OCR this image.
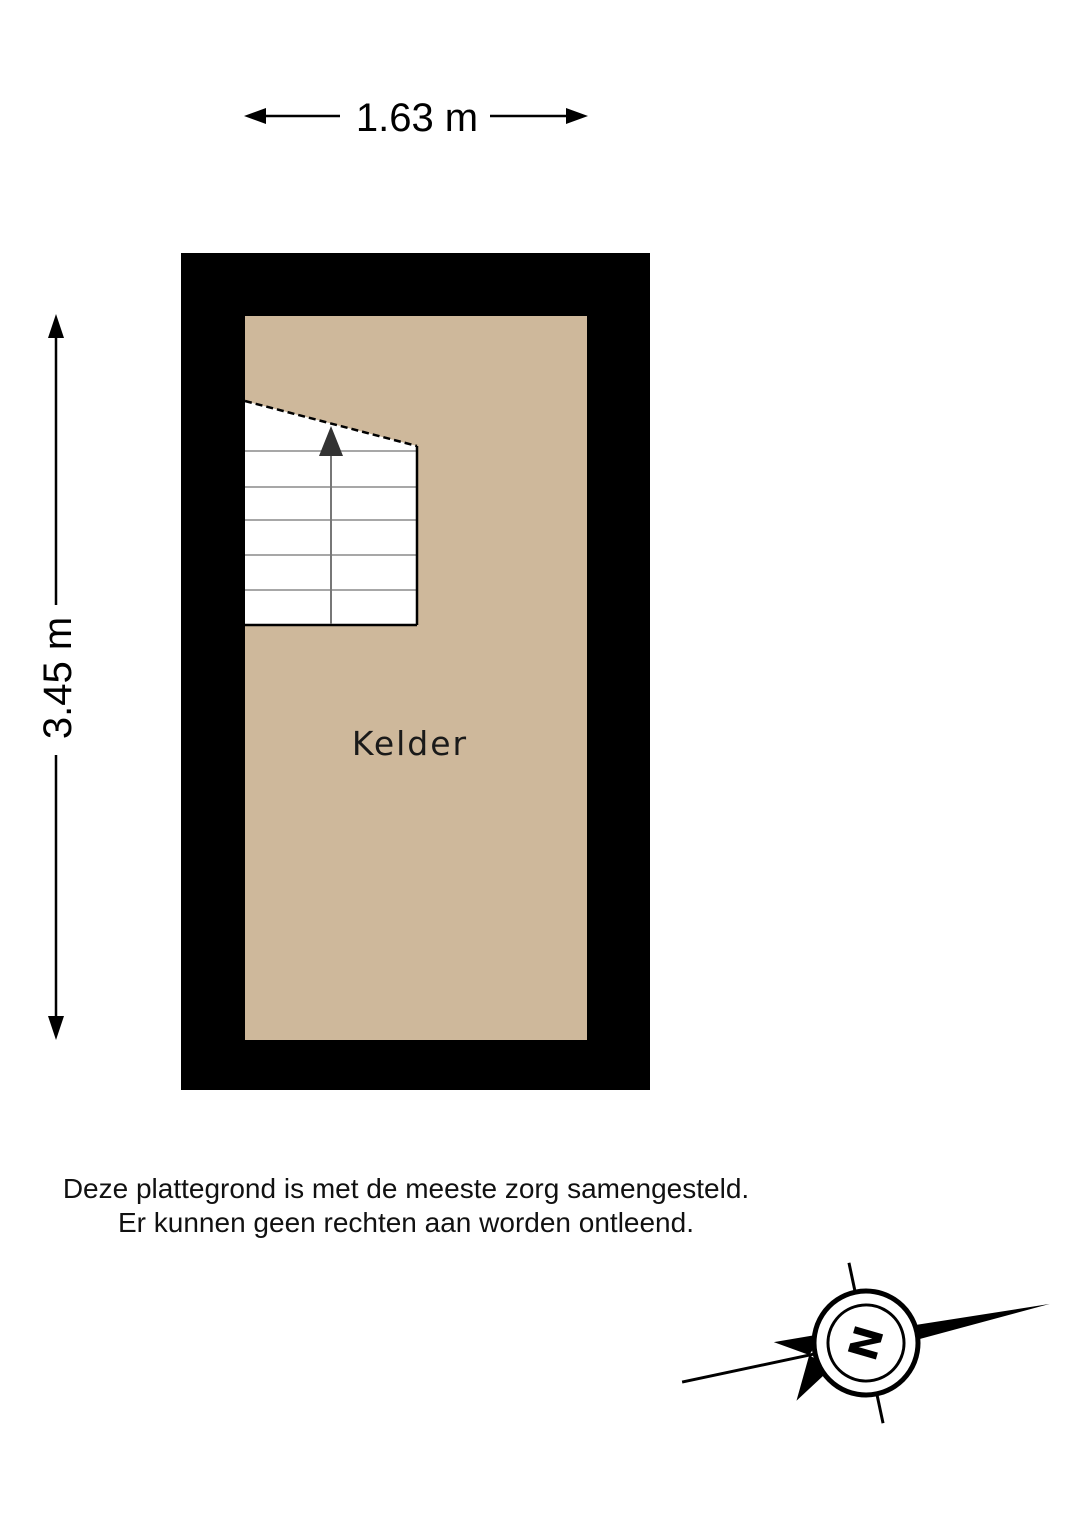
1.63 m
3.45 m
Kelder
N
Deze plattegrond is met de meeste zorg samengesteld.
Er kunnen geen rechten aan worden ontleend.
